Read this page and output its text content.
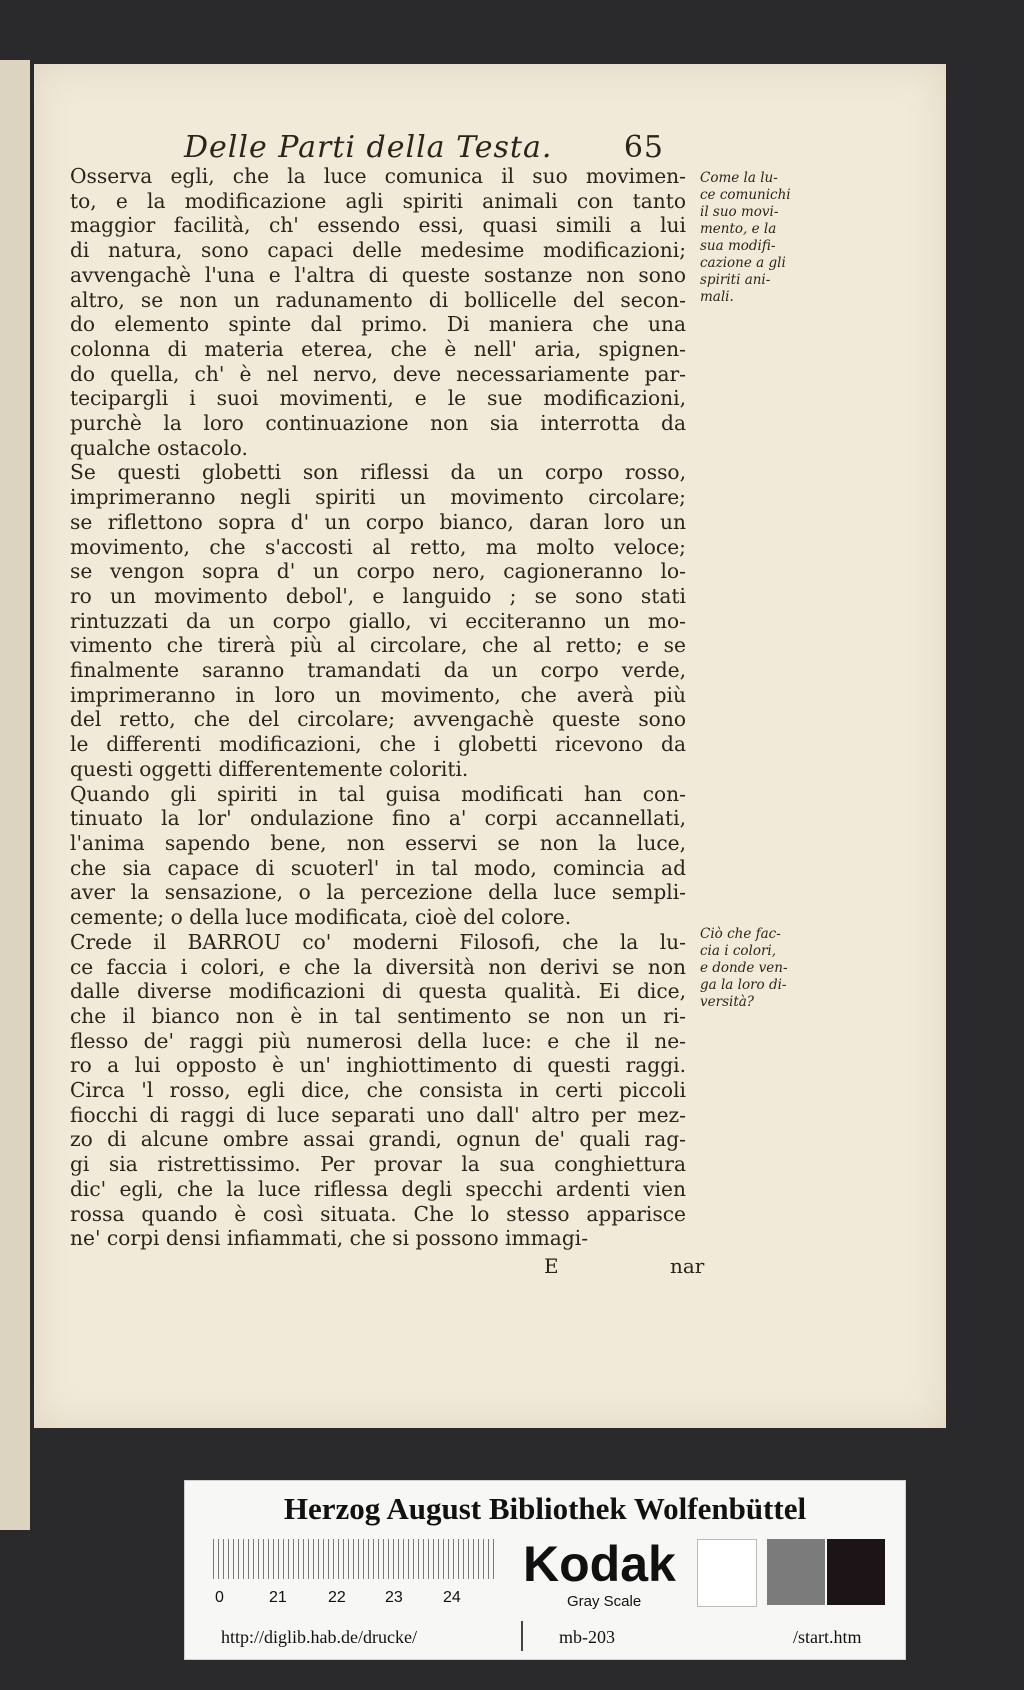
Delle Parti della Testa. 65
Osserva egli, che la luce comunica il suo movimen-
to, e la modificazione agli spiriti animali con tanto
maggior facilità, ch' essendo essi, quasi simili a lui
di natura, sono capaci delle medesime modificazioni;
avvengachè l'una e l'altra di queste sostanze non sono
altro, se non un radunamento di bollicelle del secon-
do elemento spinte dal primo. Di maniera che una
colonna di materia eterea, che è nell' aria, spignen-
do quella, ch' è nel nervo, deve necessariamente par-
tecipargli i suoi movimenti, e le sue modificazioni,
purchè la loro continuazione non sia interrotta da
qualche ostacolo.
Se questi globetti son riflessi da un corpo rosso,
imprimeranno negli spiriti un movimento circolare;
se riflettono sopra d' un corpo bianco, daran loro un
movimento, che s'accosti al retto, ma molto veloce;
se vengon sopra d' un corpo nero, cagioneranno lo-
ro un movimento debol', e languido ; se sono stati
rintuzzati da un corpo giallo, vi ecciteranno un mo-
vimento che tirerà più al circolare, che al retto; e se
finalmente saranno tramandati da un corpo verde,
imprimeranno in loro un movimento, che averà più
del retto, che del circolare; avvengachè queste sono
le differenti modificazioni, che i globetti ricevono da
questi oggetti differentemente coloriti.
Quando gli spiriti in tal guisa modificati han con-
tinuato la lor' ondulazione fino a' corpi accannellati,
l'anima sapendo bene, non esservi se non la luce,
che sia capace di scuoterl' in tal modo, comincia ad
aver la sensazione, o la percezione della luce sempli-
cemente; o della luce modificata, cioè del colore.
Crede il BARROU co' moderni Filosofi, che la lu-
ce faccia i colori, e che la diversità non derivi se non
dalle diverse modificazioni di questa qualità. Ei dice,
che il bianco non è in tal sentimento se non un ri-
flesso de' raggi più numerosi della luce: e che il ne-
ro a lui opposto è un' inghiottimento di questi raggi.
Circa 'l rosso, egli dice, che consista in certi piccoli
fiocchi di raggi di luce separati uno dall' altro per mez-
zo di alcune ombre assai grandi, ognun de' quali rag-
gi sia ristrettissimo. Per provar la sua conghiettura
dic' egli, che la luce riflessa degli specchi ardenti vien
rossa quando è così situata. Che lo stesso apparisce
ne' corpi densi infiammati, che si possono immagi-
Come la lu-
ce comunichi
il suo movi-
mento, e la
sua modifi-
cazione a gli
spiriti ani-
mali.
Ciò che fac-
cia i colori,
e donde ven-
ga la loro di-
versità?
E	nar
Herzog August Bibliothek Wolfenbüttel
0	21	22 23	24
Kodak
Gray Scale
http://diglib.hab.de/drucke/	mb-203	/start.htm
